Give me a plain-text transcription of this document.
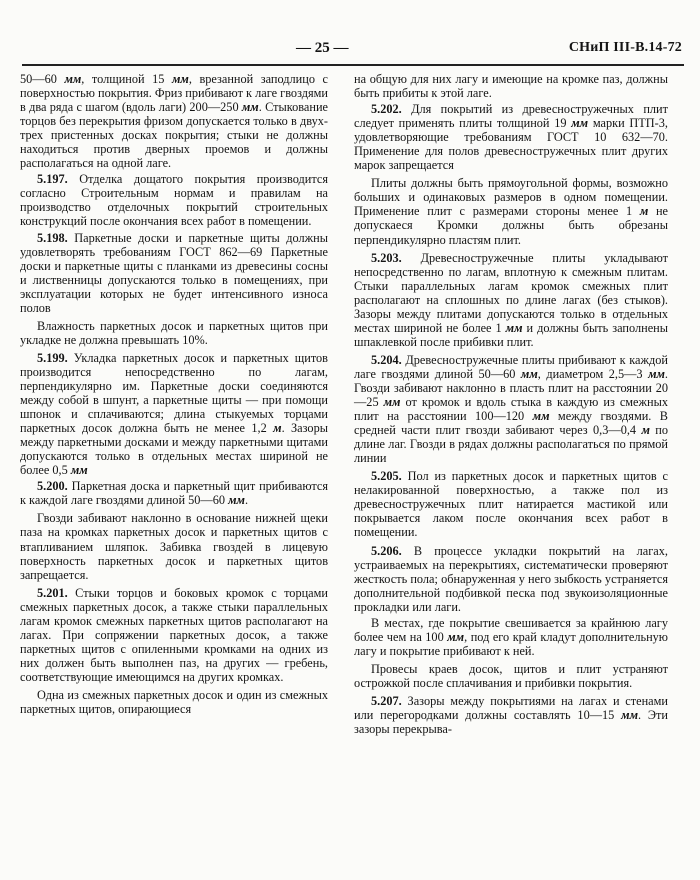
— 25 —	СНиП III-В.14-72

50—60 мм, толщиной 15 мм, врезанной заподлицо с поверхностью покрытия. Фриз прибивают к лаге гвоздями в два ряда с шагом (вдоль лаги) 200—250 мм. Стыкование торцов без перекрытия фризом допускается только в двух-трех пристенных досках покрытия; стыки не должны находиться против дверных проемов и должны располагаться на одной лаге.

5.197. Отделка дощатого покрытия производится согласно Строительным нормам и правилам на производство отделочных покрытий строительных конструкций после окончания всех работ в помещении.

5.198. Паркетные доски и паркетные щиты должны удовлетворять требованиям ГОСТ 862—69 Паркетные доски и паркетные щиты с планками из древесины сосны и лиственницы допускаются только в помещениях, при эксплуатации которых не будет интенсивного износа полов

Влажность паркетных досок и паркетных щитов при укладке не должна превышать 10%.

5.199. Укладка паркетных досок и паркетных щитов производится непосредственно по лагам, перпендикулярно им. Паркетные доски соединяются между собой в шпунт, а паркетные щиты — при помощи шпонок и сплачиваются; длина стыкуемых торцами паркетных досок должна быть не менее 1,2 м. Зазоры между паркетными досками и между паркетными щитами допускаются только в отдельных местах шириной не более 0,5 мм

5.200. Паркетная доска и паркетный щит прибиваются к каждой лаге гвоздями длиной 50—60 мм.

Гвозди забивают наклонно в основание нижней щеки паза на кромках паркетных досок и паркетных щитов с втапливанием шляпок. Забивка гвоздей в лицевую поверхность паркетных досок и паркетных щитов запрещается.

5.201. Стыки торцов и боковых кромок с торцами смежных паркетных досок, а также стыки параллельных лагам кромок смежных паркетных щитов располагают на лагах. При сопряжении паркетных досок, а также паркетных щитов с опиленными кромками на одних из них должен быть выполнен паз, на других — гребень, соответствующие имеющимся на других кромках.

Одна из смежных паркетных досок и один из смежных паркетных щитов, опирающиеся

на общую для них лагу и имеющие на кромке паз, должны быть прибиты к этой лаге.

5.202. Для покрытий из древесностружечных плит следует применять плиты толщиной 19 мм марки ПТП-3, удовлетворяющие требованиям ГОСТ 10 632—70. Применение для полов древесностружечных плит других марок запрещается

Плиты должны быть прямоугольной формы, возможно больших и одинаковых размеров в одном помещении. Применение плит с размерами стороны менее 1 м не допускаеся Кромки должны быть обрезаны перпендикулярно пластям плит.

5.203. Древесностружечные плиты укладывают непосредственно по лагам, вплотную к смежным плитам. Стыки параллельных лагам кромок смежных плит располагают на сплошных по длине лагах (без стыков). Зазоры между плитами допускаются только в отдельных местах шириной не более 1 мм и должны быть заполнены шпаклевкой после прибивки плит.

5.204. Древесностружечные плиты прибивают к каждой лаге гвоздями длиной 50—60 мм, диаметром 2,5—3 мм. Гвозди забивают наклонно в пласть плит на расстоянии 20—25 мм от кромок и вдоль стыка в каждую из смежных плит на расстоянии 100—120 мм между гвоздями. В средней части плит гвозди забивают через 0,3—0,4 м по длине лаг. Гвозди в рядах должны располагаться по прямой линии

5.205. Пол из паркетных досок и паркетных щитов с нелакированной поверхностью, а также пол из древесностружечных плит натирается мастикой или покрывается лаком после окончания всех работ в помещении.

5.206. В процессе укладки покрытий на лагах, устраиваемых на перекрытиях, систематически проверяют жесткость пола; обнаруженная у него зыбкость устраняется дополнительной подбивкой песка под звукоизоляционные прокладки или лаги.

В местах, где покрытие свешивается за крайнюю лагу более чем на 100 мм, под его край кладут дополнительную лагу и покрытие прибивают к ней.

Провесы краев досок, щитов и плит устраняют острожкой после сплачивания и прибивки покрытия.

5.207. Зазоры между покрытиями на лагах и стенами или перегородками должны составлять 10—15 мм. Эти зазоры перекрыва-
